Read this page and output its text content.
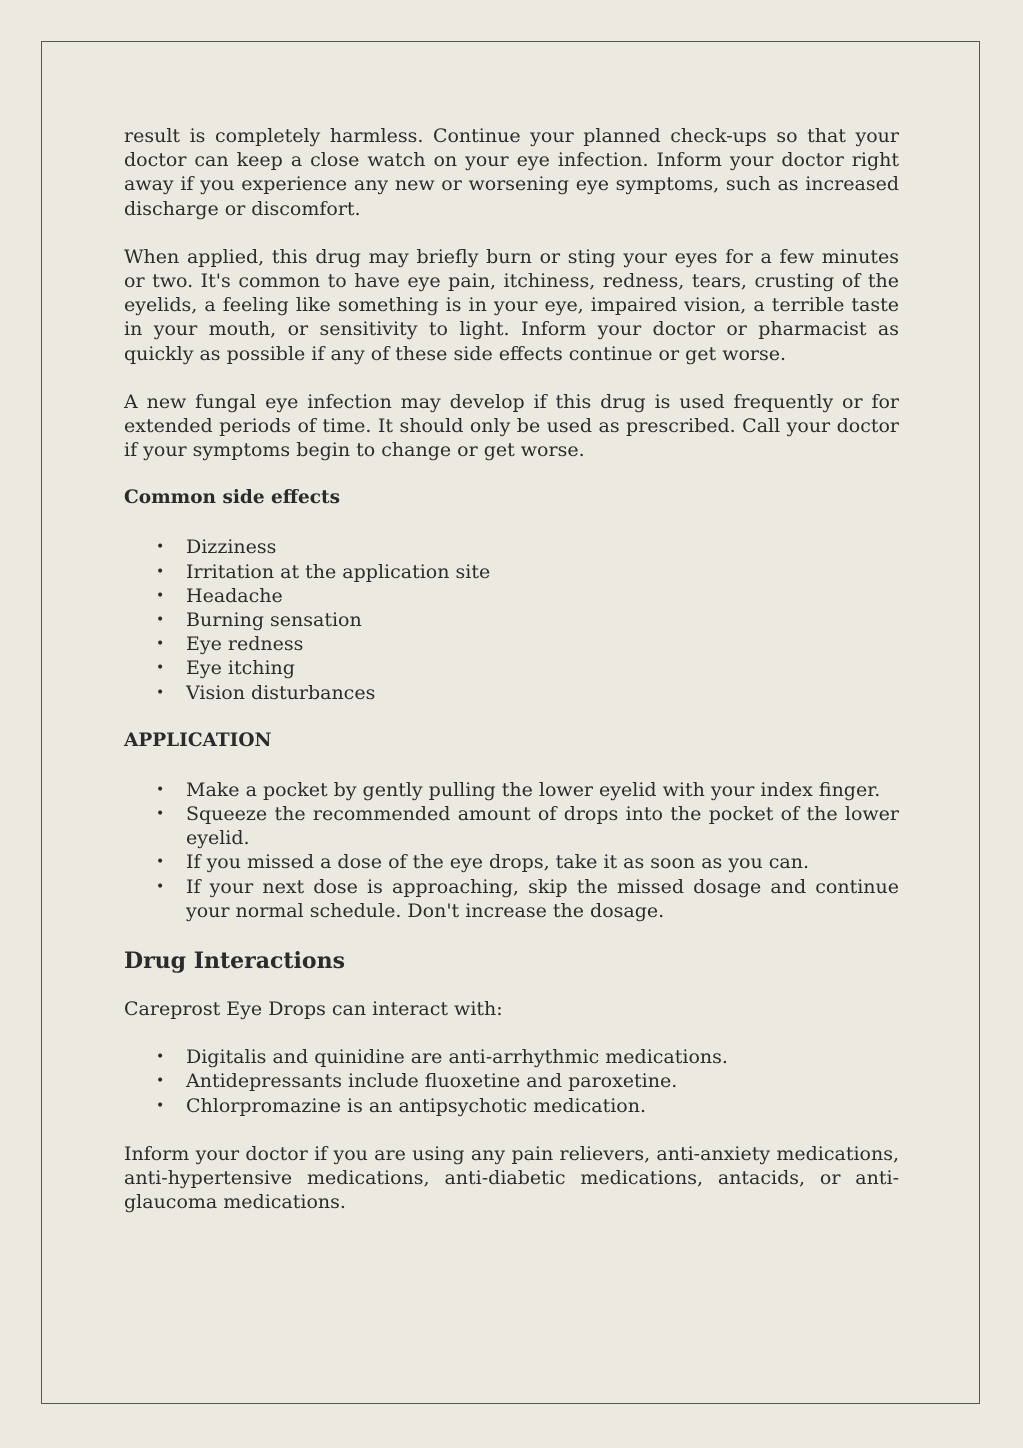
result is completely harmless. Continue your planned check-ups so that your doctor can keep a close watch on your eye infection. Inform your doctor right away if you experience any new or worsening eye symptoms, such as increased discharge or discomfort.

When applied, this drug may briefly burn or sting your eyes for a few minutes or two. It's common to have eye pain, itchiness, redness, tears, crusting of the eyelids, a feeling like something is in your eye, impaired vision, a terrible taste in your mouth, or sensitivity to light. Inform your doctor or pharmacist as quickly as possible if any of these side effects continue or get worse.

A new fungal eye infection may develop if this drug is used frequently or for extended periods of time. It should only be used as prescribed. Call your doctor if your symptoms begin to change or get worse.

Common side effects
• Dizziness
• Irritation at the application site
• Headache
• Burning sensation
• Eye redness
• Eye itching
• Vision disturbances
APPLICATION
• Make a pocket by gently pulling the lower eyelid with your index finger.
• Squeeze the recommended amount of drops into the pocket of the lower eyelid.
• If you missed a dose of the eye drops, take it as soon as you can.
• If your next dose is approaching, skip the missed dosage and continue your normal schedule. Don't increase the dosage.
Drug Interactions

Careprost Eye Drops can interact with:

• Digitalis and quinidine are anti-arrhythmic medications.
• Antidepressants include fluoxetine and paroxetine.
• Chlorpromazine is an antipsychotic medication.

Inform your doctor if you are using any pain relievers, anti-anxiety medications, anti-hypertensive medications, anti-diabetic medications, antacids, or anti-glaucoma medications.
